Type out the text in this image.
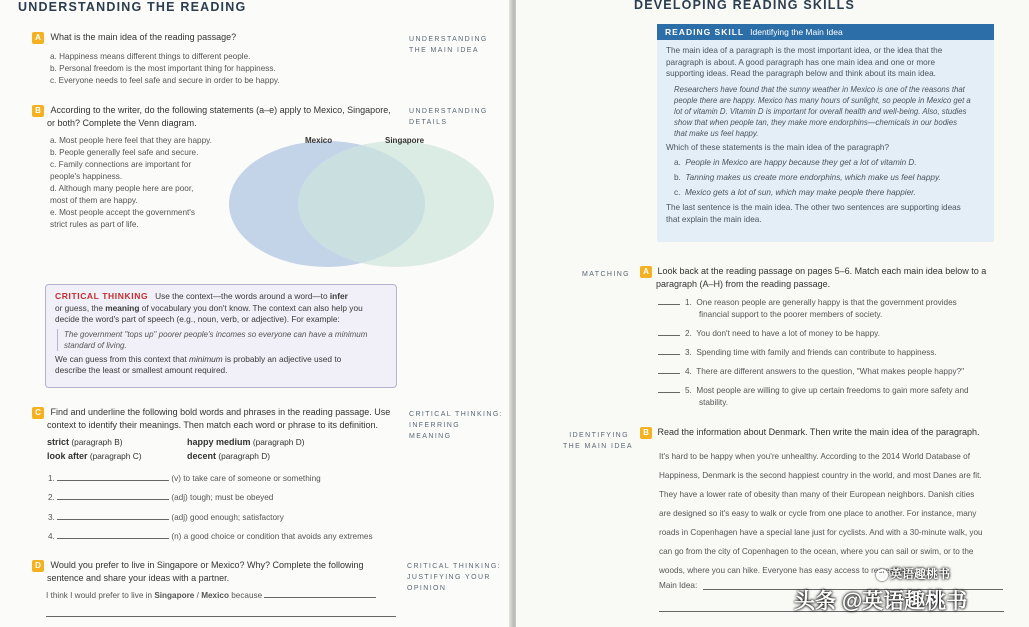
UNDERSTANDING THE READING
A What is the main idea of the reading passage?	UNDERSTANDING
THE MAIN IDEA
a. Happiness means different things to different people.
b. Personal freedom is the most important thing for happiness.
c. Everyone needs to feel safe and secure in order to be happy.
B According to the writer, do the following statements (a–e) apply to Mexico, Singapore,
or both? Complete the Venn diagram.
UNDERSTANDING
DETAILS
a. Most people here feel that they are happy.
b. People generally feel safe and secure.
c. Family connections are important for
people's happiness.
d. Although many people here are poor,
most of them are happy.
e. Most people accept the government's
strict rules as part of life.
Mexico	Singapore
CRITICAL THINKING Use the context—the words around a word—to infer
or guess, the meaning of vocabulary you don't know. The context can also help you
decide the word's part of speech (e.g., noun, verb, or adjective). For example:
The government "tops up" poorer people's incomes so everyone can have a minimum
standard of living.
We can guess from this context that minimum is probably an adjective used to
describe the least or smallest amount required.
C Find and underline the following bold words and phrases in the reading passage. Use
context to identify their meanings. Then match each word or phrase to its definition.
CRITICAL THINKING:
INFERRING
MEANING
strict (paragraph B)	happy medium (paragraph D)
look after (paragraph C)	decent (paragraph D)
1.	(v) to take care of someone or something
2.	(adj) tough; must be obeyed
3.	(adj) good enough; satisfactory
4.	(n) a good choice or condition that avoids any extremes
D Would you prefer to live in Singapore or Mexico? Why? Complete the following
sentence and share your ideas with a partner.
CRITICAL THINKING:
JUSTIFYING YOUR
OPINION
I think I would prefer to live in Singapore / Mexico because
DEVELOPING READING SKILLS
READING SKILL Identifying the Main Idea
The main idea of a paragraph is the most important idea, or the idea that the
paragraph is about. A good paragraph has one main idea and one or more
supporting ideas. Read the paragraph below and think about its main idea.
Researchers have found that the sunny weather in Mexico is one of the reasons that
people there are happy. Mexico has many hours of sunlight, so people in Mexico get a
lot of vitamin D. Vitamin D is important for overall health and well-being. Also, studies
show that when people tan, they make more endorphins—chemicals in our bodies
that make us feel happy.
Which of these statements is the main idea of the paragraph?
a. People in Mexico are happy because they get a lot of vitamin D.
b. Tanning makes us create more endorphins, which make us feel happy.
c. Mexico gets a lot of sun, which may make people there happier.
The last sentence is the main idea. The other two sentences are supporting ideas
that explain the main idea.
MATCHING	A Look back at the reading passage on pages 5–6. Match each main idea below to a
paragraph (A–H) from the reading passage.
1. One reason people are generally happy is that the government provides
financial support to the poorer members of society.
2. You don't need to have a lot of money to be happy.
3. Spending time with family and friends can contribute to happiness.
4. There are different answers to the question, "What makes people happy?"
5. Most people are willing to give up certain freedoms to gain more safety and
stability.
IDENTIFYING
THE MAIN IDEA
B Read the information about Denmark. Then write the main idea of the paragraph.
It's hard to be happy when you're unhealthy. According to the 2014 World Database of
Happiness, Denmark is the second happiest country in the world, and most Danes are fit.
They have a lower rate of obesity than many of their European neighbors. Danish cities
are designed so it's easy to walk or cycle from one place to another. For instance, many
roads in Copenhagen have a special lane just for cyclists. And with a 30-minute walk, you
can go from the city of Copenhagen to the ocean, where you can sail or swim, or to the
woods, where you can hike. Everyone has easy access to recreation.
Main Idea:
英语趣桃书
头条 @英语趣桃书
